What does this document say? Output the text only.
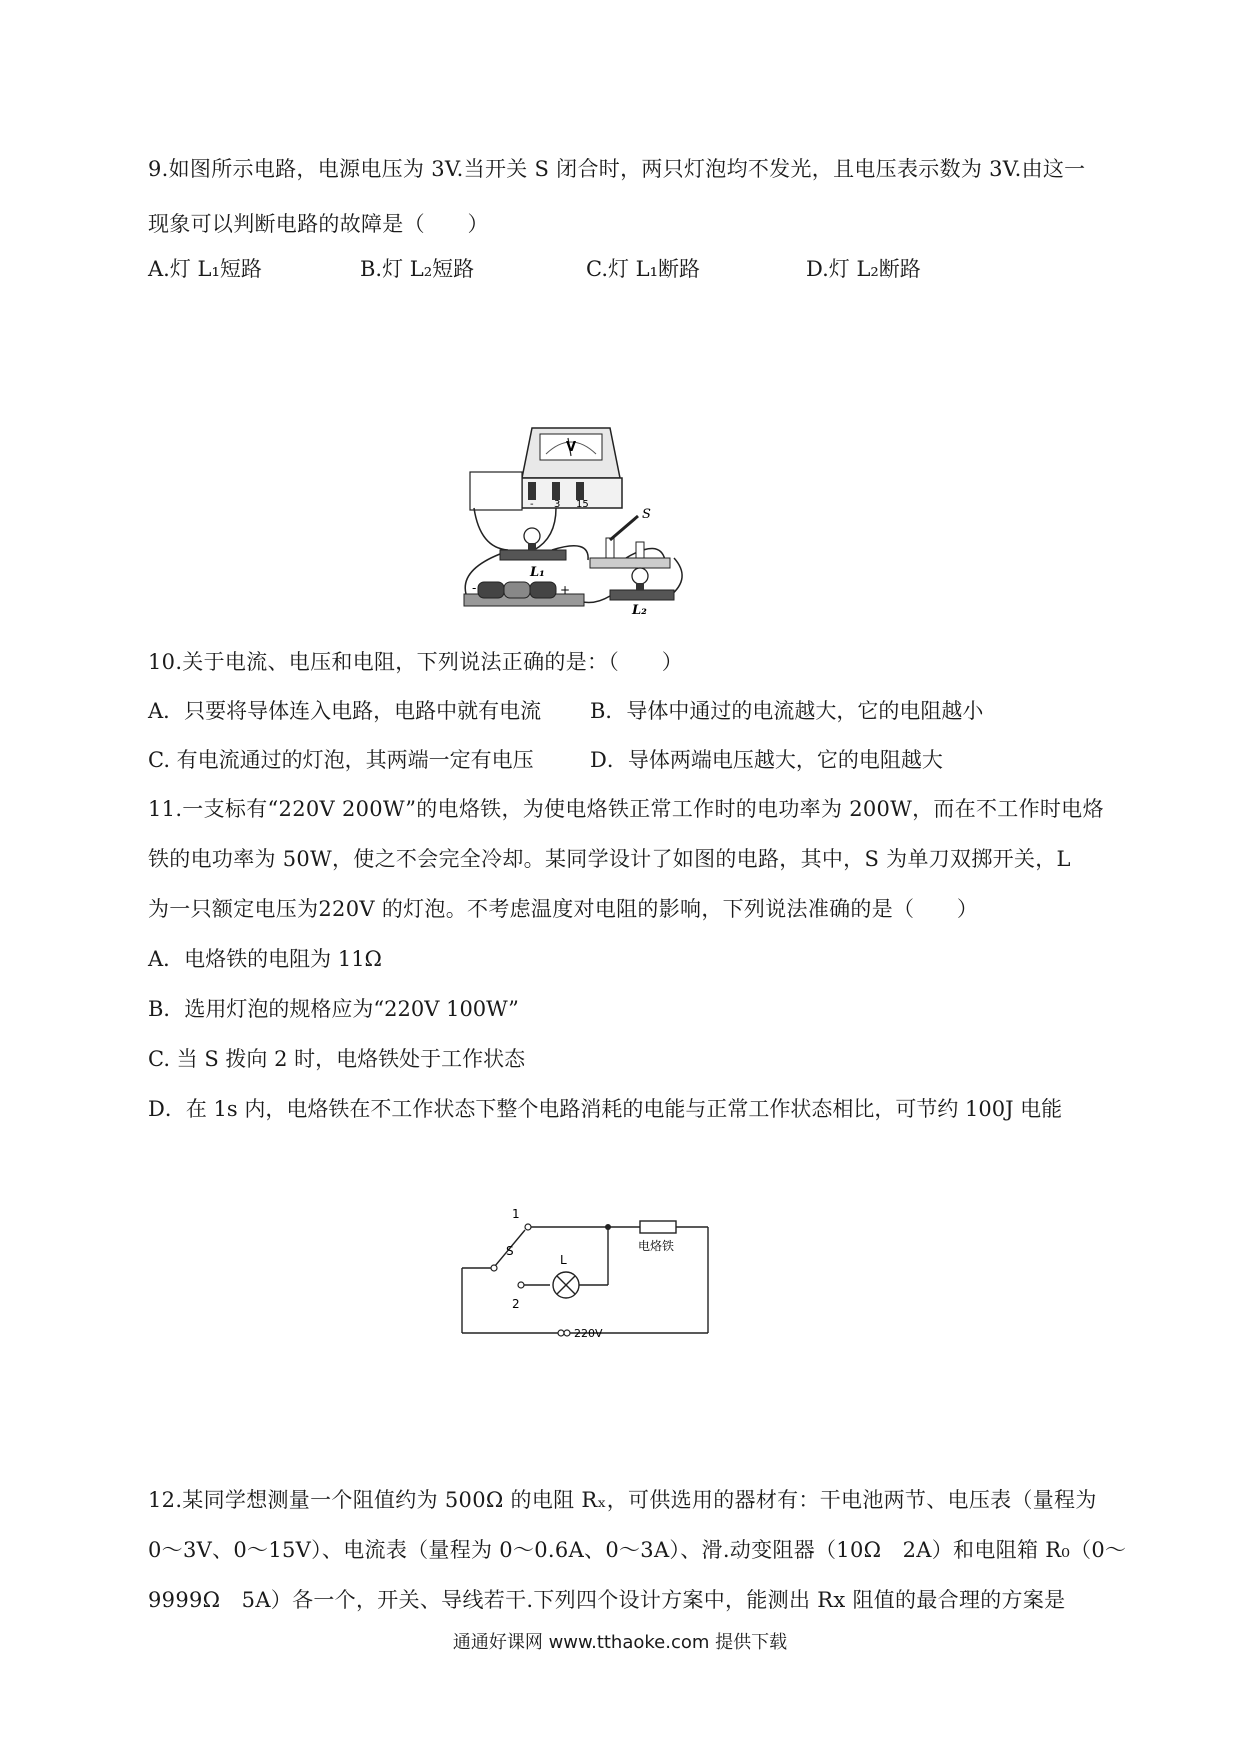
9.如图所示电路，电源电压为 3V.当开关 S 闭合时，两只灯泡均不发光，且电压表示数为 3V.由这一
现象可以判断电路的故障是（　　）
A.灯 L₁短路	B.灯 L₂短路	C.灯 L₁断路	D.灯 L₂断路
V
- 3 15
L₁
S
-	+
L₂
10.关于电流、电压和电阻，下列说法正确的是：（　　）
A．只要将导体连入电路，电路中就有电流 B．导体中通过的电流越大，它的电阻越小
C. 有电流通过的灯泡，其两端一定有电压	D．导体两端电压越大，它的电阻越大
11.一支标有“220V 200W”的电烙铁，为使电烙铁正常工作时的电功率为 200W，而在不工作时电烙
铁的电功率为 50W，使之不会完全冷却。某同学设计了如图的电路，其中，S 为单刀双掷开关，L
为一只额定电压为220V 的灯泡。不考虑温度对电阻的影响，下列说法准确的是（　　）
A．电烙铁的电阻为 11Ω
B．选用灯泡的规格应为“220V 100W”
C. 当 S 拨向 2 时，电烙铁处于工作状态
D．在 1s 内，电烙铁在不工作状态下整个电路消耗的电能与正常工作状态相比，可节约 100J 电能
1
2
S
L
电烙铁
220V
12.某同学想测量一个阻值约为 500Ω 的电阻 Rₓ，可供选用的器材有：干电池两节、电压表（量程为
0～3V、0～15V）、电流表（量程为 0～0.6A、0～3A）、滑.动变阻器（10Ω　2A）和电阻箱 R₀（0～
9999Ω　5A）各一个，开关、导线若干.下列四个设计方案中，能测出 Rx 阻值的最合理的方案是
通通好课网 www.tthaoke.com 提供下载
